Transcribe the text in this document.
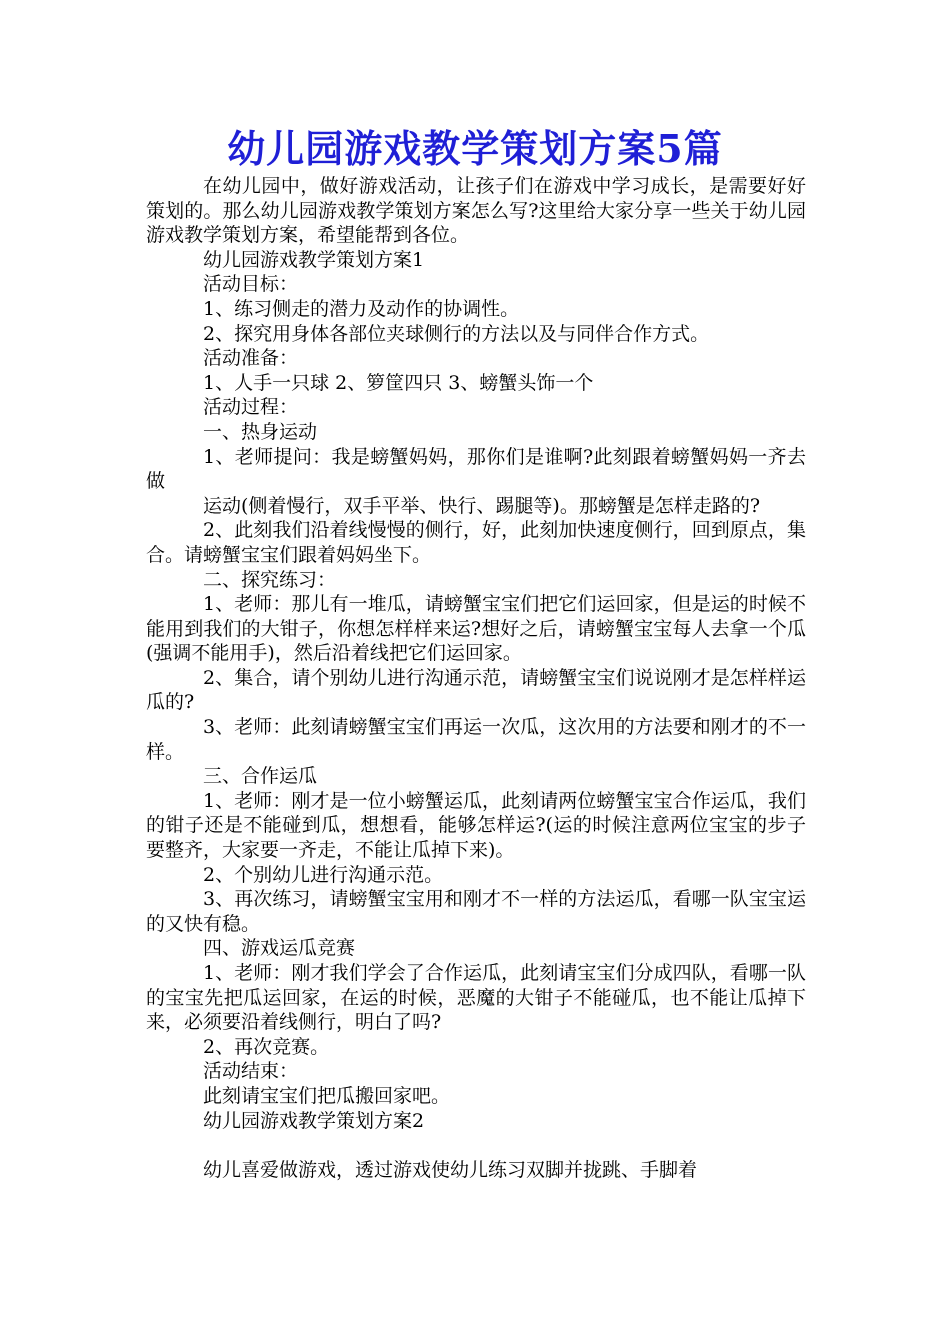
幼儿园游戏教学策划方案5篇

在幼儿园中，做好游戏活动，让孩子们在游戏中学习成长，是需要好好策划的。那么幼儿园游戏教学策划方案怎么写?这里给大家分享一些关于幼儿园游戏教学策划方案，希望能帮到各位。

幼儿园游戏教学策划方案1

活动目标：

1、练习侧走的潜力及动作的协调性。

2、探究用身体各部位夹球侧行的方法以及与同伴合作方式。

活动准备：

1、人手一只球 2、箩筐四只 3、螃蟹头饰一个

活动过程：

一、热身运动

1、老师提问：我是螃蟹妈妈，那你们是谁啊?此刻跟着螃蟹妈妈一齐去做

运动(侧着慢行，双手平举、快行、踢腿等)。那螃蟹是怎样走路的?

2、此刻我们沿着线慢慢的侧行，好，此刻加快速度侧行，回到原点，集合。请螃蟹宝宝们跟着妈妈坐下。

二、探究练习：

1、老师：那儿有一堆瓜，请螃蟹宝宝们把它们运回家，但是运的时候不能用到我们的大钳子，你想怎样样来运?想好之后，请螃蟹宝宝每人去拿一个瓜(强调不能用手)，然后沿着线把它们运回家。

2、集合，请个别幼儿进行沟通示范，请螃蟹宝宝们说说刚才是怎样样运瓜的?

3、老师：此刻请螃蟹宝宝们再运一次瓜，这次用的方法要和刚才的不一样。

三、合作运瓜

1、老师：刚才是一位小螃蟹运瓜，此刻请两位螃蟹宝宝合作运瓜，我们的钳子还是不能碰到瓜，想想看，能够怎样运?(运的时候注意两位宝宝的步子要整齐，大家要一齐走，不能让瓜掉下来)。

2、个别幼儿进行沟通示范。

3、再次练习，请螃蟹宝宝用和刚才不一样的方法运瓜，看哪一队宝宝运的又快有稳。

四、游戏运瓜竞赛

1、老师：刚才我们学会了合作运瓜，此刻请宝宝们分成四队，看哪一队的宝宝先把瓜运回家，在运的时候，恶魔的大钳子不能碰瓜，也不能让瓜掉下来，必须要沿着线侧行，明白了吗?

2、再次竞赛。

活动结束：

此刻请宝宝们把瓜搬回家吧。

幼儿园游戏教学策划方案2

幼儿喜爱做游戏，透过游戏使幼儿练习双脚并拢跳、手脚着
